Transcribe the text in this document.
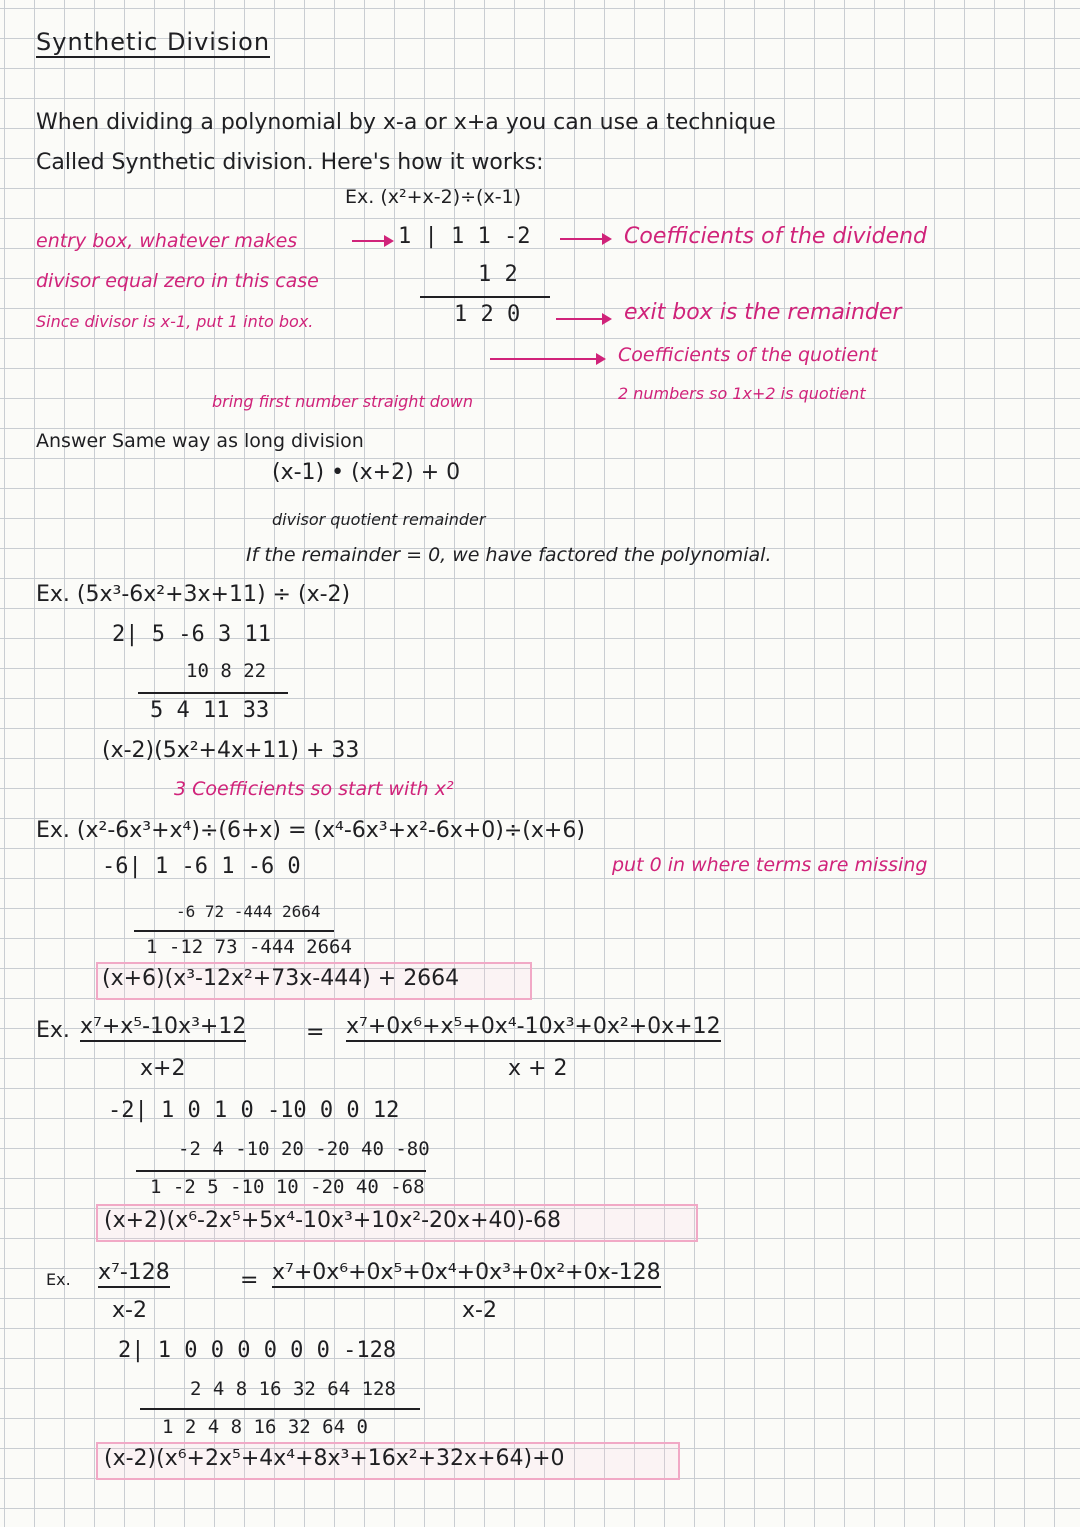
Synthetic Division
When dividing a polynomial by x-a or x+a you can use a technique
Called Synthetic division. Here's how it works:
Ex. (x²+x-2)÷(x-1)
entry box, whatever makes
divisor equal zero in this case
Since divisor is x-1, put 1 into box.
1 | 1 1 -2
1 2
1 2 0
Coefficients of the dividend
exit box is the remainder
Coefficients of the quotient
2 numbers so 1x+2 is quotient
bring first number straight down
Answer Same way as long division
(x-1) • (x+2) + 0
divisor quotient remainder
If the remainder = 0, we have factored the polynomial.
Ex. (5x³-6x²+3x+11) ÷ (x-2)
2| 5 -6 3 11
10 8 22
5 4 11 33
(x-2)(5x²+4x+11) + 33
3 Coefficients so start with x²
Ex. (x²-6x³+x⁴)÷(6+x) = (x⁴-6x³+x²-6x+0)÷(x+6)
-6| 1 -6 1 -6 0	put 0 in where terms are missing
-6 72 -444 2664
1 -12 73 -444 2664
(x+6)(x³-12x²+73x-444) + 2664
Ex. x⁷+x⁵-10x³+12
x+2
= x⁷+0x⁶+x⁵+0x⁴-10x³+0x²+0x+12
x + 2
-2| 1 0 1 0 -10 0 0 12
-2 4 -10 20 -20 40 -80
1 -2 5 -10 10 -20 40 -68
(x+2)(x⁶-2x⁵+5x⁴-10x³+10x²-20x+40)-68
Ex. x⁷-128
x-2
= x⁷+0x⁶+0x⁵+0x⁴+0x³+0x²+0x-128
x-2
2| 1 0 0 0 0 0 0 -128
2 4 8 16 32 64 128
1 2 4 8 16 32 64 0
(x-2)(x⁶+2x⁵+4x⁴+8x³+16x²+32x+64)+0
